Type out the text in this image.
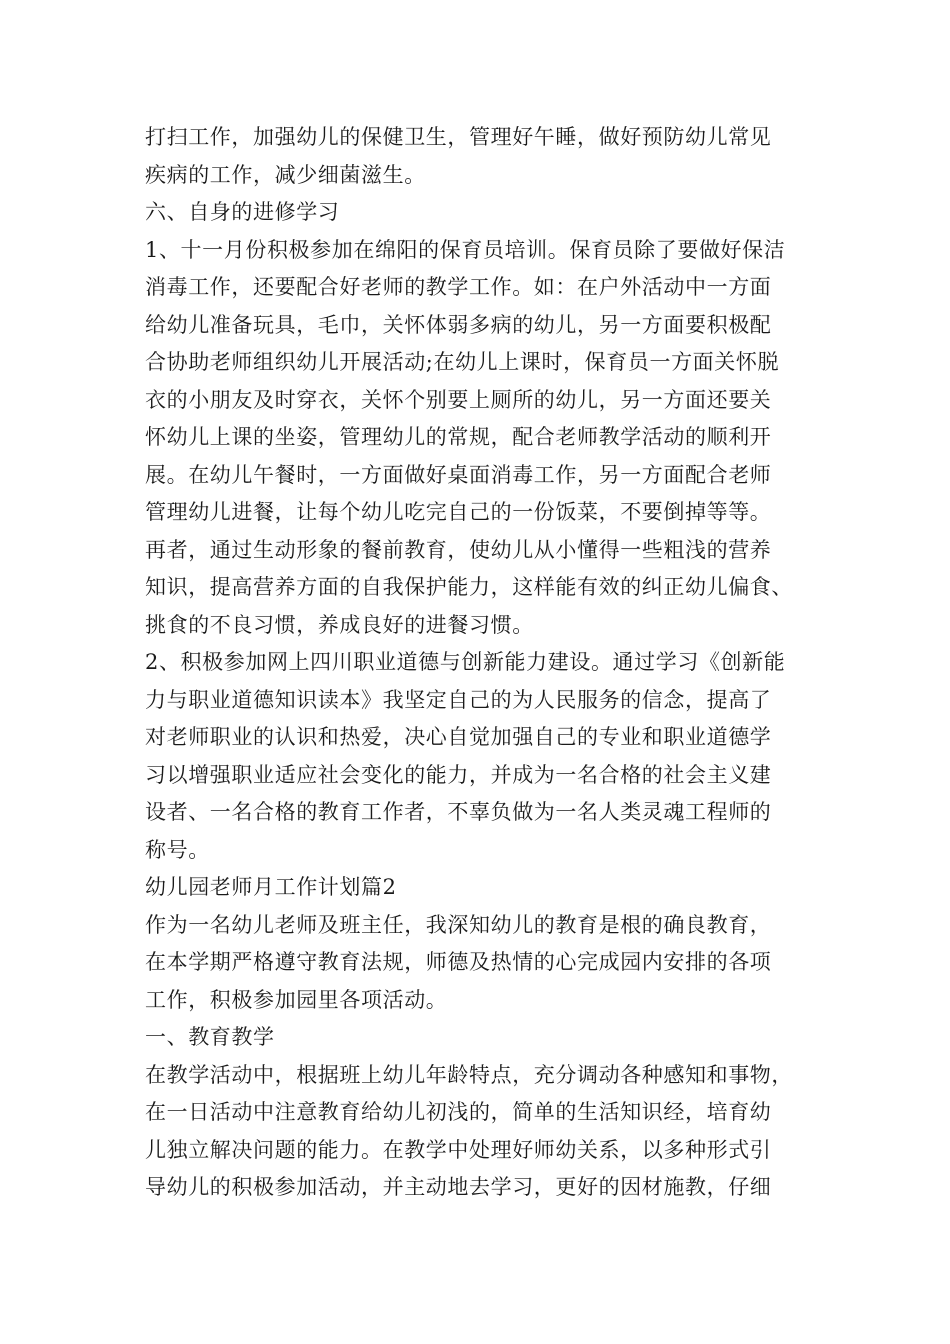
打扫工作，加强幼儿的保健卫生，管理好午睡，做好预防幼儿常见
疾病的工作，减少细菌滋生。
六、自身的进修学习
1、十一月份积极参加在绵阳的保育员培训。保育员除了要做好保洁
消毒工作，还要配合好老师的教学工作。如：在户外活动中一方面
给幼儿准备玩具，毛巾，关怀体弱多病的幼儿，另一方面要积极配
合协助老师组织幼儿开展活动;在幼儿上课时，保育员一方面关怀脱
衣的小朋友及时穿衣，关怀个别要上厕所的幼儿，另一方面还要关
怀幼儿上课的坐姿，管理幼儿的常规，配合老师教学活动的顺利开
展。在幼儿午餐时，一方面做好桌面消毒工作，另一方面配合老师
管理幼儿进餐，让每个幼儿吃完自己的一份饭菜，不要倒掉等等。
再者，通过生动形象的餐前教育，使幼儿从小懂得一些粗浅的营养
知识，提高营养方面的自我保护能力，这样能有效的纠正幼儿偏食、
挑食的不良习惯，养成良好的进餐习惯。
2、积极参加网上四川职业道德与创新能力建设。通过学习《创新能
力与职业道德知识读本》我坚定自己的为人民服务的信念，提高了
对老师职业的认识和热爱，决心自觉加强自己的专业和职业道德学
习以增强职业适应社会变化的能力，并成为一名合格的社会主义建
设者、一名合格的教育工作者，不辜负做为一名人类灵魂工程师的
称号。
幼儿园老师月工作计划篇2
作为一名幼儿老师及班主任，我深知幼儿的教育是根的确良教育，
在本学期严格遵守教育法规，师德及热情的心完成园内安排的各项
工作，积极参加园里各项活动。
一、教育教学
在教学活动中，根据班上幼儿年龄特点，充分调动各种感知和事物，
在一日活动中注意教育给幼儿初浅的，简单的生活知识经，培育幼
儿独立解决问题的能力。在教学中处理好师幼关系，以多种形式引
导幼儿的积极参加活动，并主动地去学习，更好的因材施教，仔细
